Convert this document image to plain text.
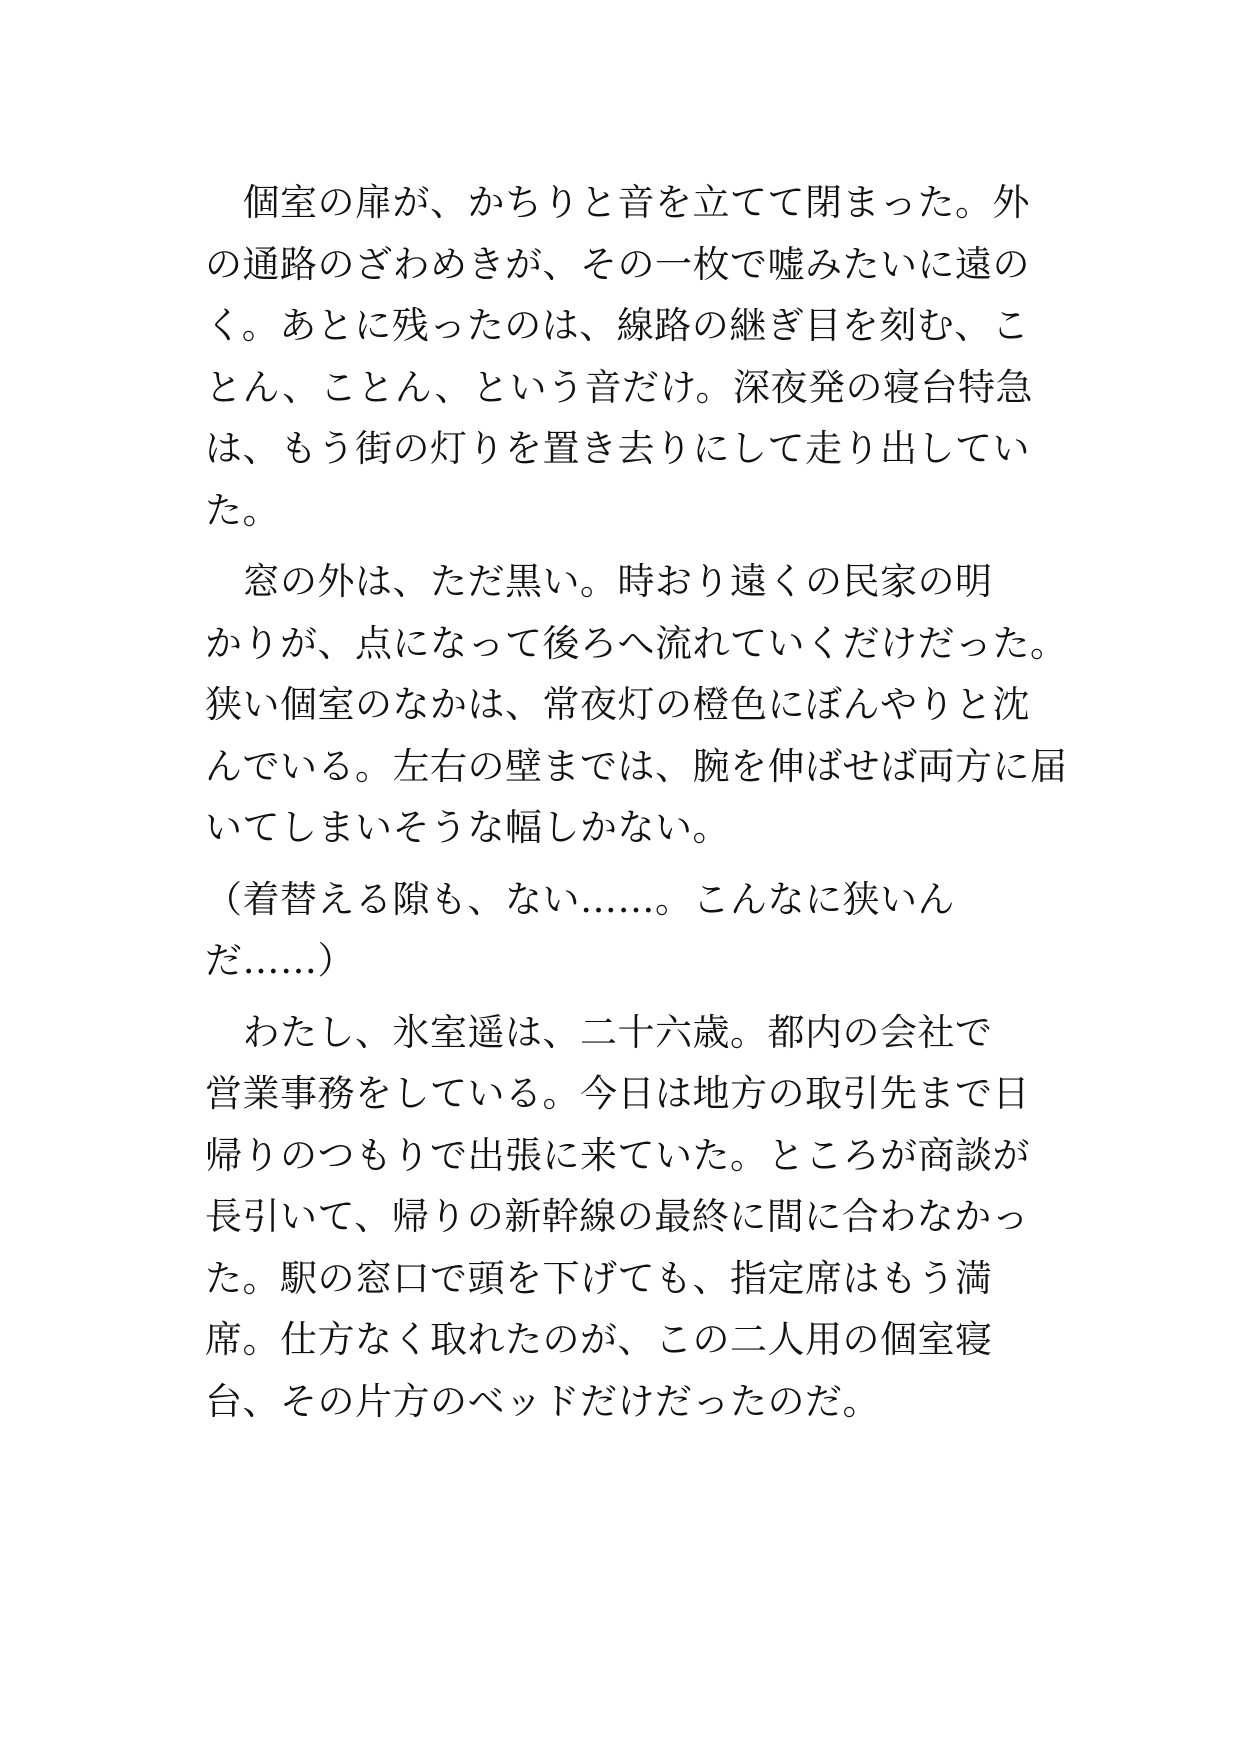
　個室の扉が、かちりと音を立てて閉まった。外
の通路のざわめきが、その一枚で嘘みたいに遠の
く。あとに残ったのは、線路の継ぎ目を刻む、こ
とん、ことん、という音だけ。深夜発の寝台特急
は、もう街の灯りを置き去りにして走り出してい
た。
　窓の外は、ただ黒い。時おり遠くの民家の明
かりが、点になって後ろへ流れていくだけだった。
狭い個室のなかは、常夜灯の橙色にぼんやりと沈
んでいる。左右の壁までは、腕を伸ばせば両方に届
いてしまいそうな幅しかない。
（着替える隙も、ない……。こんなに狭いん
だ……）
　わたし、氷室遥は、二十六歳。都内の会社で
営業事務をしている。今日は地方の取引先まで日
帰りのつもりで出張に来ていた。ところが商談が
長引いて、帰りの新幹線の最終に間に合わなかっ
た。駅の窓口で頭を下げても、指定席はもう満
席。仕方なく取れたのが、この二人用の個室寝
台、その片方のベッドだけだったのだ。
